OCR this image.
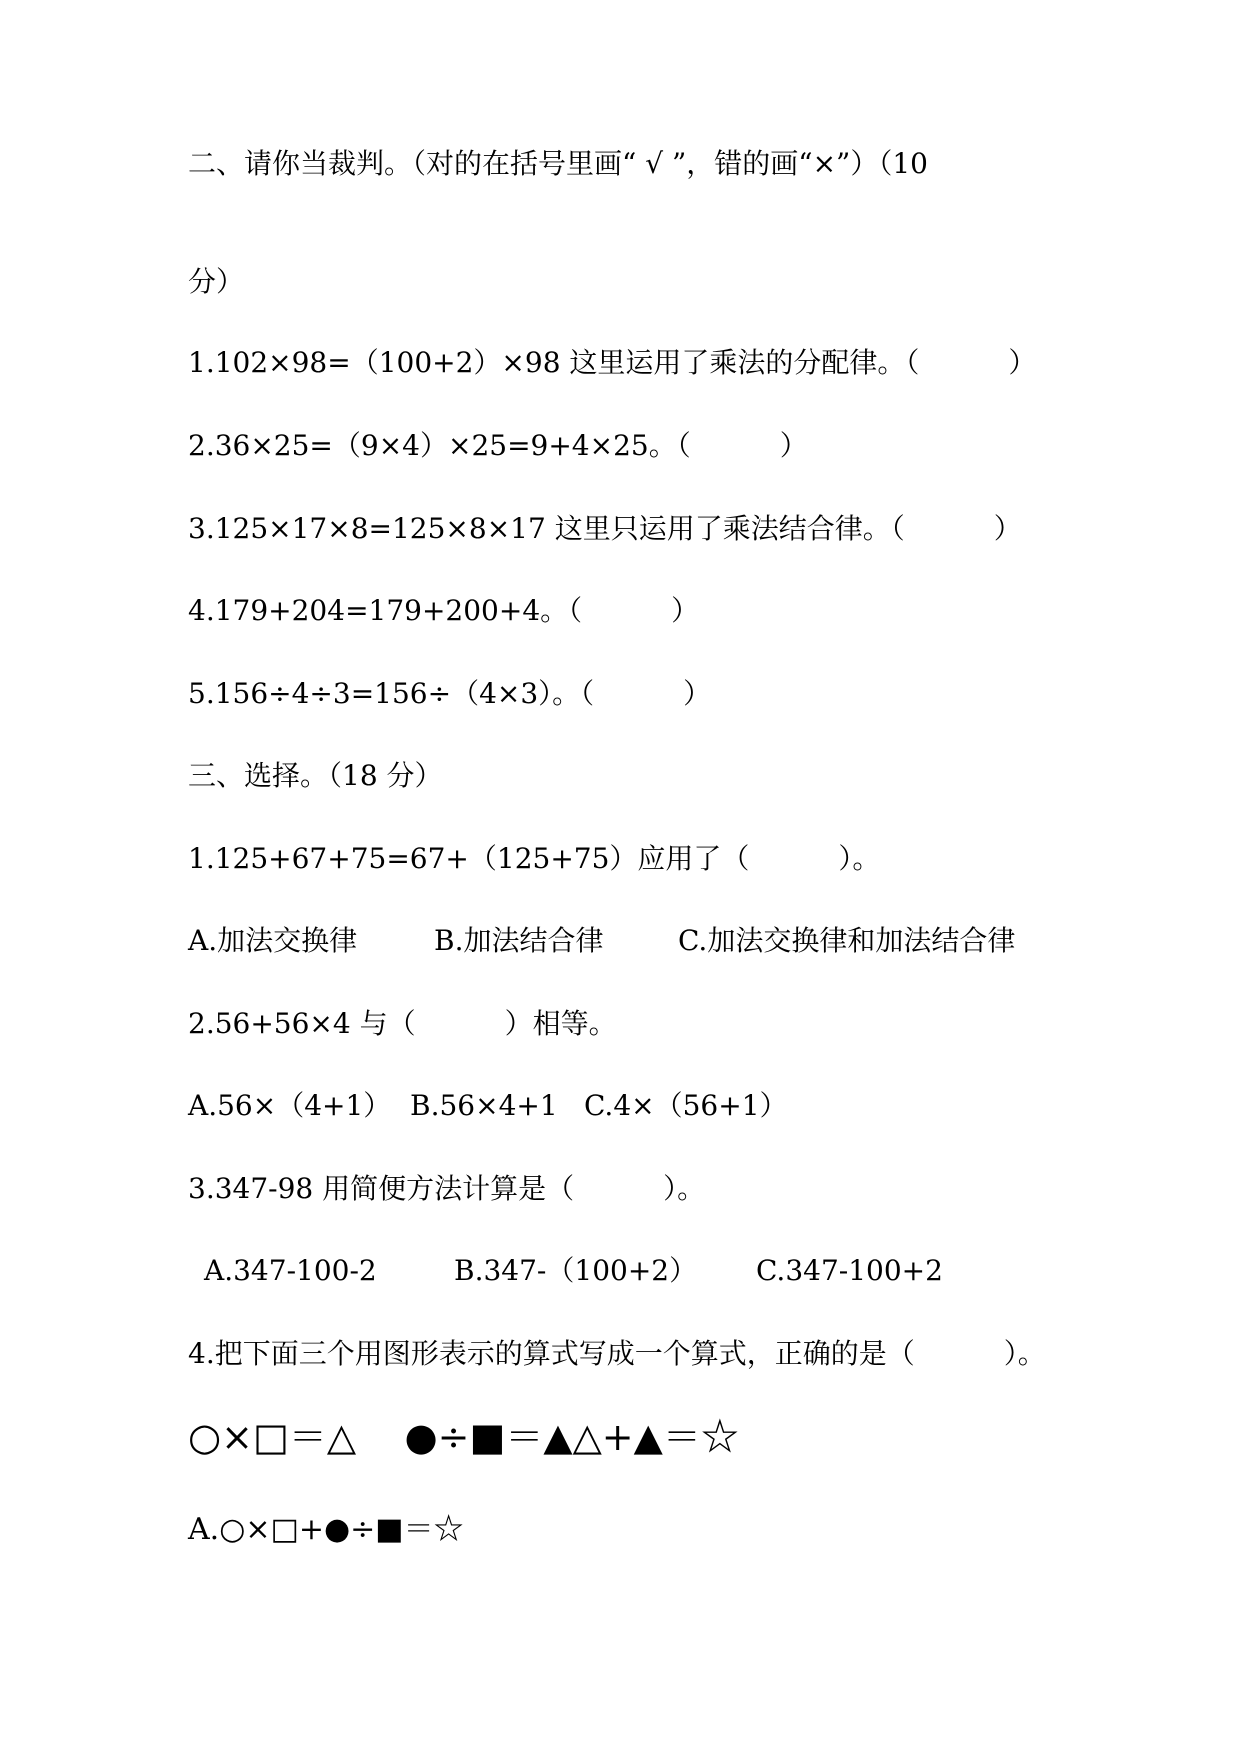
二、请你当裁判。（对的在括号里画“ √ ”，错的画“×”）（10
分）
1.102×98=（100+2）×98 这里运用了乘法的分配律。（          ）
2.36×25=（9×4）×25=9+4×25。（          ）
3.125×17×8=125×8×17 这里只运用了乘法结合律。（          ）
4.179+204=179+200+4。（          ）
5.156÷4÷3=156÷（4×3）。（          ）
三、选择。（18 分）
1.125+67+75=67+（125+75）应用了（          ）。
A.加法交换律	B.加法结合律	C.加法交换律和加法结合律
2.56+56×4 与（          ）相等。
A.56×（4+1） B.56×4+1 C.4×（56+1）
3.347-98 用简便方法计算是（          ）。
A.347-100-2	B.347-（100+2） C.347-100+2
4.把下面三个用图形表示的算式写成一个算式，正确的是（          ）。
○×□＝△    ●÷■＝▲△+▲＝☆
A.○×□+●÷■＝☆
